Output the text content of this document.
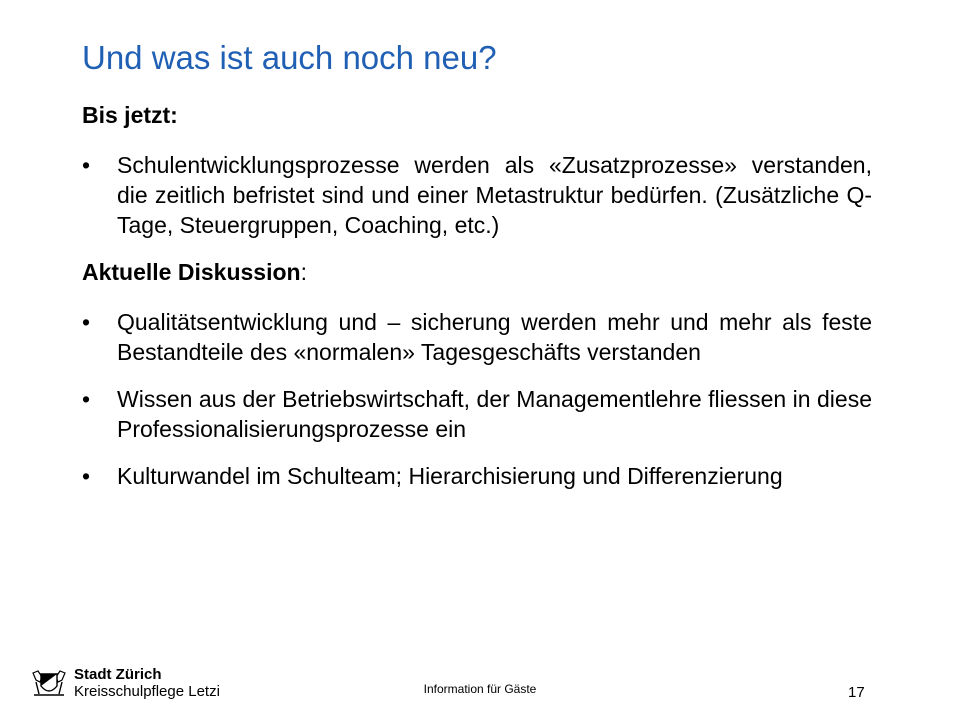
Und was ist auch noch neu?
Bis jetzt:
• Schulentwicklungsprozesse werden als «Zusatzprozesse» verstanden, die zeitlich befristet sind und einer Metastruktur bedürfen. (Zusätzliche Q-Tage, Steuergruppen, Coaching, etc.)
Aktuelle Diskussion:
• Qualitätsentwicklung und – sicherung werden mehr und mehr als feste Bestandteile des «normalen» Tagesgeschäfts verstanden
• Wissen aus der Betriebswirtschaft, der Managementlehre fliessen in diese Professionalisierungsprozesse ein
• Kulturwandel im Schulteam; Hierarchisierung und Differenzierung
Stadt Zürich
Kreisschulpflege Letzi	Information für Gäste	17
